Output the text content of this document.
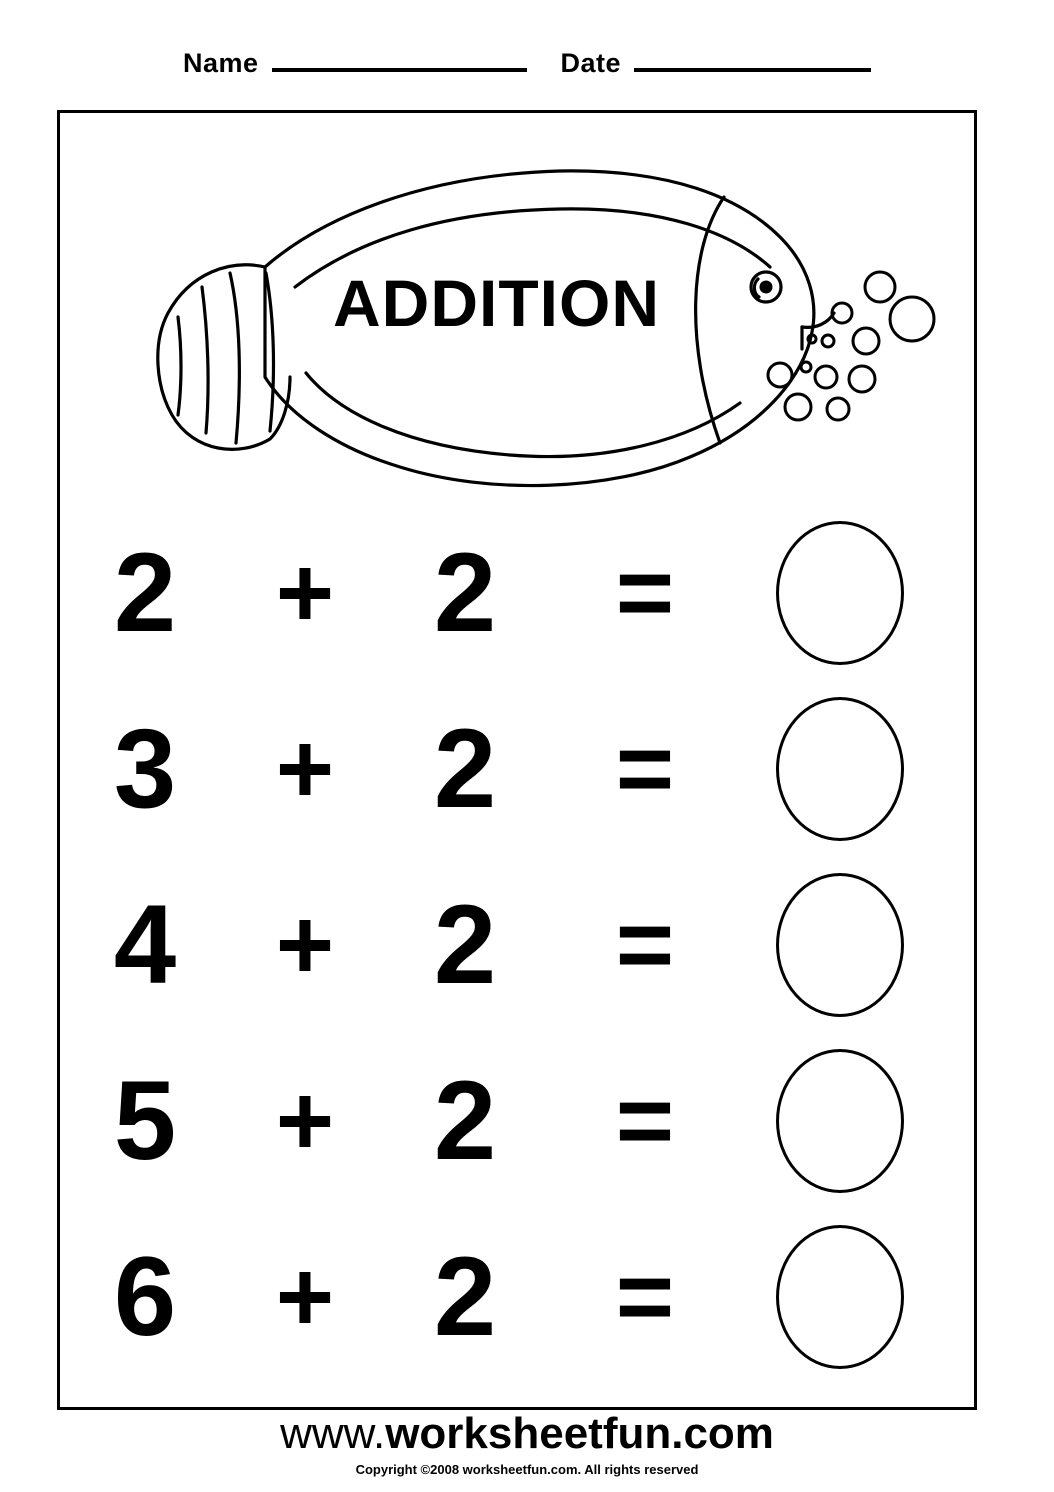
Name	Date
ADDITION
2 + 2	=
3 + 2	=
4 + 2	=
5 + 2	=
6 + 2	=
www.worksheetfun.com
Copyright ©2008 worksheetfun.com. All rights reserved
